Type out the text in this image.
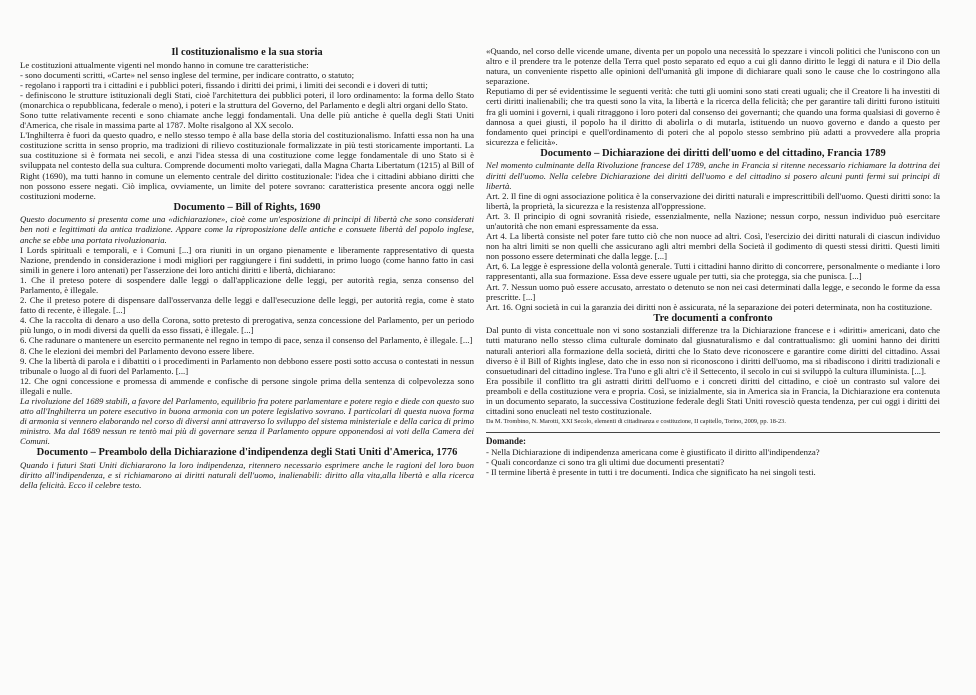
Il costituzionalismo e la sua storia

Le costituzioni attualmente vigenti nel mondo hanno in comune tre caratteristiche:

- sono documenti scritti, «Carte» nel senso inglese del termine, per indicare contratto, o statuto;

- regolano i rapporti tra i cittadini e i pubblici poteri, fissando i diritti dei primi, i limiti dei secondi e i doveri di tutti;

- definiscono le strutture istituzionali degli Stati, cioè l'architettura dei pubblici poteri, il loro ordinamento: la forma dello Stato (monarchica o repubblicana, federale o meno), i poteri e la struttura del Governo, del Parlamento e degli altri organi dello Stato.

Sono tutte relativamente recenti e sono chiamate anche leggi fondamentali. Una delle più antiche è quella degli Stati Uniti d'America, che risale in massima parte al 1787. Molte risalgono al XX secolo.

L'Inghilterra è fuori da questo quadro, e nello stesso tempo è alla base della storia del costituzionalismo. Infatti essa non ha una costituzione scritta in senso proprio, ma tradizioni di rilievo costituzionale formalizzate in più testi storicamente importanti. La sua costituzione si è formata nei secoli, e anzi l'idea stessa di una costituzione come legge fondamentale di uno Stato si è sviluppata nel contesto della sua cultura. Comprende documenti molto variegati, dalla Magna Charta Libertatum (1215) al Bill of Right (1690), ma tutti hanno in comune un elemento centrale del diritto costituzionale: l'idea che i cittadini abbiano diritti che non possono essere negati. Ciò implica, ovviamente, un limite del potere sovrano: caratteristica presente ancora oggi nelle costituzioni moderne.

Documento – Bill of Rights, 1690

Questo documento si presenta come una «dichiarazione», cioè come un'esposizione di principi di libertà che sono considerati ben noti e legittimati da antica tradizione. Appare come la riproposizione delle antiche e consuete libertà del popolo inglese, anche se ebbe una portata rivoluzionaria.

I Lords spirituali e temporali, e i Comuni [...] ora riuniti in un organo pienamente e liberamente rappresentativo di questa Nazione, prendendo in considerazione i modi migliori per raggiungere i fini suddetti, in primo luogo (come hanno fatto in casi simili in genere i loro antenati) per l'asserzione dei loro antichi diritti e libertà, dichiarano:

1. Che il preteso potere di sospendere dalle leggi o dall'applicazione delle leggi, per autorità regia, senza consenso del Parlamento, è illegale.

2. Che il preteso potere di dispensare dall'osservanza delle leggi e dall'esecuzione delle leggi, per autorità regia, come è stato fatto di recente, è illegale. [...]

4. Che la raccolta di denaro a uso della Corona, sotto pretesto di prerogativa, senza concessione del Parlamento, per un periodo più lungo, o in modi diversi da quelli da esso fissati, è illegale. [...]

6. Che radunare o mantenere un esercito permanente nel regno in tempo di pace, senza il consenso del Parlamento, è illegale. [...]

8. Che le elezioni dei membri del Parlamento devono essere libere.

9. Che la libertà di parola e i dibattiti o i procedimenti in Parlamento non debbono essere posti sotto accusa o contestati in nessun tribunale o luogo al di fuori del Parlamento. [...]

12. Che ogni concessione e promessa di ammende e confische di persone singole prima della sentenza di colpevolezza sono illegali e nulle.

La rivoluzione del 1689 stabilì, a favore del Parlamento, equilibrio fra potere parlamentare e potere regio e diede con questo suo atto all'Inghilterra un potere esecutivo in buona armonia con un potere legislativo sovrano. I particolari di questa nuova forma di armonia si vennero elaborando nel corso di diversi anni attraverso lo sviluppo del sistema ministeriale e della carica di primo ministro. Ma dal 1689 nessun re tentò mai più di governare senza il Parlamento oppure opponendosi ai voti della Camera dei Comuni.

Documento – Preambolo della Dichiarazione d'indipendenza degli Stati Uniti d'America, 1776

Quando i futuri Stati Uniti dichiararono la loro indipendenza, ritennero necessario esprimere anche le ragioni del loro buon diritto all'indipendenza, e si richiamarono ai diritti naturali dell'uomo, inalienabili: diritto alla vita,alla libertà e alla ricerca della felicità. Ecco il celebre testo.

«Quando, nel corso delle vicende umane, diventa per un popolo una necessità lo spezzare i vincoli politici che l'uniscono con un altro e il prendere tra le potenze della Terra quel posto separato ed equo a cui gli danno diritto le leggi di natura e il Dio della natura, un conveniente rispetto alle opinioni dell'umanità gli impone di dichiarare quali sono le cause che lo costringono alla separazione.

Reputiamo di per sé evidentissime le seguenti verità: che tutti gli uomini sono stati creati uguali; che il Creatore li ha investiti di certi diritti inalienabili; che tra questi sono la vita, la libertà e la ricerca della felicità; che per garantire tali diritti furono istituiti fra gli uomini i governi, i quali ritraggono i loro poteri dal consenso dei governanti; che quando una forma qualsiasi di governo è dannosa a quei giusti, il popolo ha il diritto di abolirla o di mutarla, istituendo un nuovo governo e dando a questo per fondamento quei principi e quell'ordinamento di poteri che al popolo stesso sembrino più adatti a provvedere alla propria sicurezza e felicità».

Documento – Dichiarazione dei diritti dell'uomo e del cittadino, Francia 1789

Nel momento culminante della Rivoluzione francese del 1789, anche in Francia si ritenne necessario richiamare la dottrina dei diritti dell'uomo. Nella celebre Dichiarazione dei diritti dell'uomo e del cittadino si posero alcuni punti fermi sui principi di libertà.

Art. 2. Il fine di ogni associazione politica è la conservazione dei diritti naturali e imprescrittibili dell'uomo. Questi diritti sono: la libertà, la proprietà, la sicurezza e la resistenza all'oppressione.

Art. 3. Il principio di ogni sovranità risiede, essenzialmente, nella Nazione; nessun corpo, nessun individuo può esercitare un'autorità che non emani espressamente da essa.

Art 4. La libertà consiste nel poter fare tutto ciò che non nuoce ad altri. Così, l'esercizio dei diritti naturali di ciascun individuo non ha altri limiti se non quelli che assicurano agli altri membri della Società il godimento di questi stessi diritti. Questi limiti non possono essere determinati che dalla legge. [...]

Art, 6. La legge è espressione della volontà generale. Tutti i cittadini hanno diritto di concorrere, personalmente o mediante i loro rappresentanti, alla sua formazione. Essa deve essere uguale per tutti, sia che protegga, sia che punisca. [...]

Art. 7. Nessun uomo può essere accusato, arrestato o detenuto se non nei casi determinati dalla legge, e secondo le forme da essa prescritte. [...]

Art. 16. Ogni società in cui la garanzia dei diritti non è assicurata, né la separazione dei poteri determinata, non ha costituzione.

Tre documenti a confronto

Dal punto di vista concettuale non vi sono sostanziali differenze tra la Dichiarazione francese e i «diritti» americani, dato che tutti maturano nello stesso clima culturale dominato dal giusnaturalismo e dal contrattualismo: gli uomini hanno dei diritti naturali anteriori alla formazione della società, diritti che lo Stato deve riconoscere e garantire come diritti del cittadino. Assai diverso è il Bill of Rights inglese, dato che in esso non si riconoscono i diritti dell'uomo, ma si ribadiscono i diritti tradizionali e consuetudinari del cittadino inglese. Tra l'uno e gli altri c'è il Settecento, il secolo in cui si sviluppò la cultura illuminista. [...].

Era possibile il conflitto tra gli astratti diritti dell'uomo e i concreti diritti del cittadino, e cioè un contrasto sul valore dei preamboli e della costituzione vera e propria. Così, se inizialmente, sia in America sia in Francia, la Dichiarazione era contenuta in un documento separato, la successiva Costituzione federale degli Stati Uniti rovesciò questa tendenza, per cui oggi i diritti dei cittadini sono enucleati nel testo costituzionale.

Da M. Trombino, N. Marotti, XXI Secolo, elementi di cittadinanza e costituzione, II capitello, Torino, 2009, pp. 18-23.

Domande:

- Nella Dichiarazione di indipendenza americana come è giustificato il diritto all'indipendenza?

- Quali concordanze ci sono tra gli ultimi due documenti presentati?

- Il termine libertà è presente in tutti i tre documenti. Indica che significato ha nei singoli testi.
